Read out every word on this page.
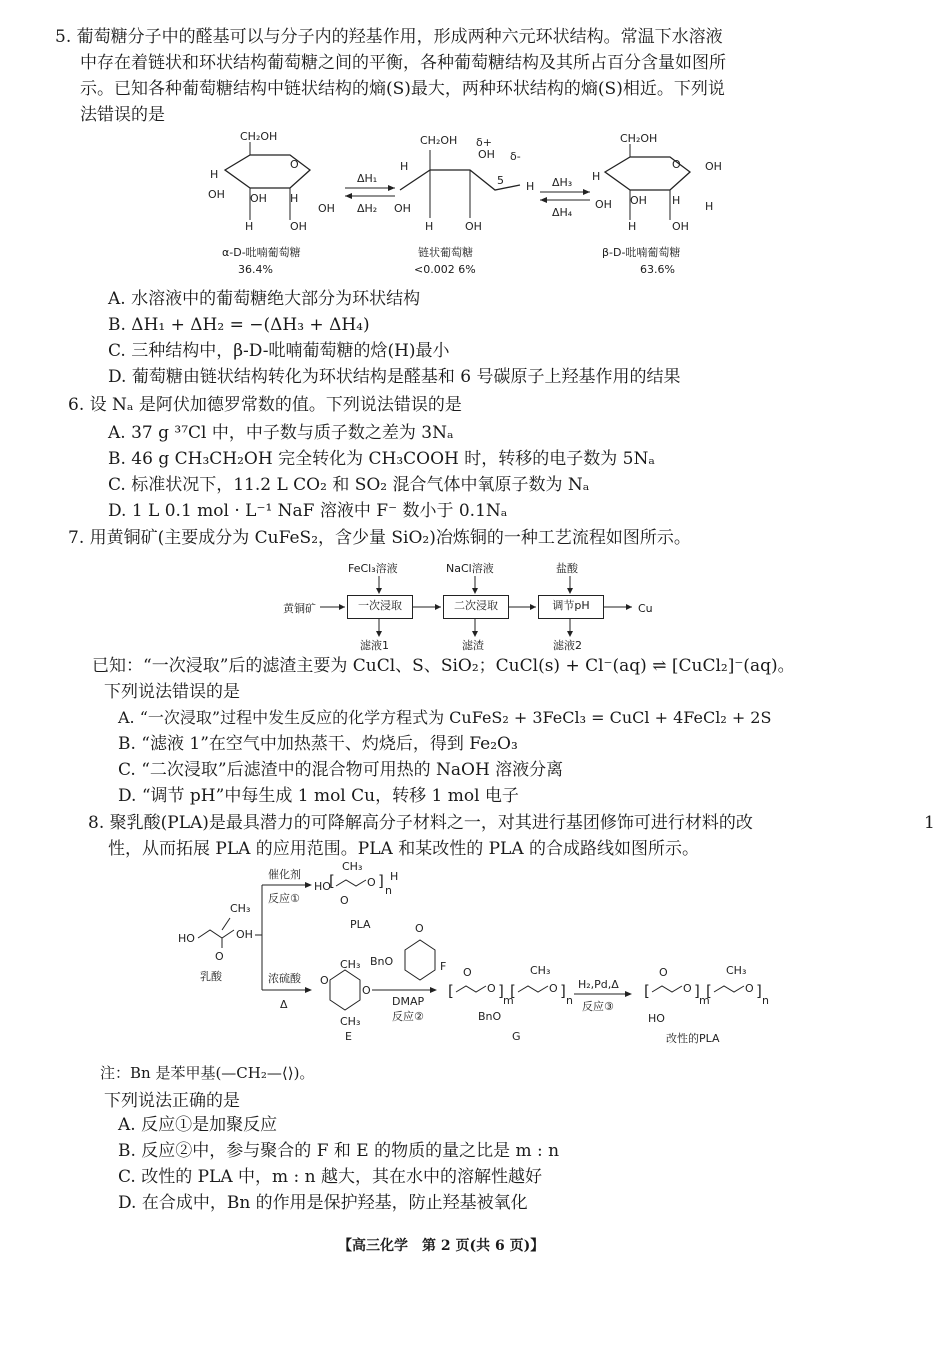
5. 葡萄糖分子中的醛基可以与分子内的羟基作用，形成两种六元环状结构。常温下水溶液
中存在着链状和环状结构葡萄糖之间的平衡，各种葡萄糖结构及其所占百分含量如图所
示。已知各种葡萄糖结构中链状结构的熵(S)最大，两种环状结构的熵(S)相近。下列说
法错误的是
CH₂OH
O
H
OH OH H
OH
H	OH
ΔH₁
ΔH₂
CH₂OH
OH
δ+
δ-
5 H
OH
H	OH
H
ΔH₃
ΔH₄
CH₂OH
O OH
H
OH OH H H
H	OH
α-D-吡喃葡萄糖
36.4%
链状葡萄糖
<0.002 6%
β-D-吡喃葡萄糖
63.6%
A. 水溶液中的葡萄糖绝大部分为环状结构
B. ΔH₁ + ΔH₂ = −(ΔH₃ + ΔH₄)
C. 三种结构中，β-D-吡喃葡萄糖的焓(H)最小
D. 葡萄糖由链状结构转化为环状结构是醛基和 6 号碳原子上羟基作用的结果
6. 设 Nₐ 是阿伏加德罗常数的值。下列说法错误的是
A. 37 g ³⁷Cl 中，中子数与质子数之差为 3Nₐ
B. 46 g CH₃CH₂OH 完全转化为 CH₃COOH 时，转移的电子数为 5Nₐ
C. 标准状况下，11.2 L CO₂ 和 SO₂ 混合气体中氧原子数为 Nₐ
D. 1 L 0.1 mol · L⁻¹ NaF 溶液中 F⁻ 数小于 0.1Nₐ
7. 用黄铜矿(主要成分为 CuFeS₂，含少量 SiO₂)冶炼铜的一种工艺流程如图所示。
FeCl₃溶液	NaCl溶液	盐酸
黄铜矿	一次浸取	二次浸取	调节pH	Cu
滤液1	滤渣	滤液2
已知：“一次浸取”后的滤渣主要为 CuCl、S、SiO₂；CuCl(s) + Cl⁻(aq) ⇌ [CuCl₂]⁻(aq)。
下列说法错误的是
A. “一次浸取”过程中发生反应的化学方程式为 CuFeS₂ + 3FeCl₃ = CuCl + 4FeCl₂ + 2S
B. “滤液 1”在空气中加热蒸干、灼烧后，得到 Fe₂O₃
C. “二次浸取”后滤渣中的混合物可用热的 NaOH 溶液分离
D. “调节 pH”中每生成 1 mol Cu，转移 1 mol 电子
8. 聚乳酸(PLA)是最具潜力的可降解高分子材料之一，对其进行基团修饰可进行材料的改	1
性，从而拓展 PLA 的应用范围。PLA 和某改性的 PLA 的合成路线如图所示。
HO
O
OH
CH₃
乳酸
催化剂
反应①
浓硫酸
Δ
HO
[	O ]
n
H
CH₃
O
PLA
CH₃
CH₃
O
O
E
O
BnO	F
DMAP
反应②
[	O ]
m
[	O ]
n
CH₃
O
BnO
G
H₂,Pd,Δ
反应③
[	O ]
m
[	O ]
n
CH₃
O
HO
改性的PLA
注：Bn 是苯甲基(—CH₂—⟨⟩)。
下列说法正确的是
A. 反应①是加聚反应
B. 反应②中，参与聚合的 F 和 E 的物质的量之比是 m : n
C. 改性的 PLA 中，m : n 越大，其在水中的溶解性越好
D. 在合成中，Bn 的作用是保护羟基，防止羟基被氧化
【高三化学　第 2 页(共 6 页)】
